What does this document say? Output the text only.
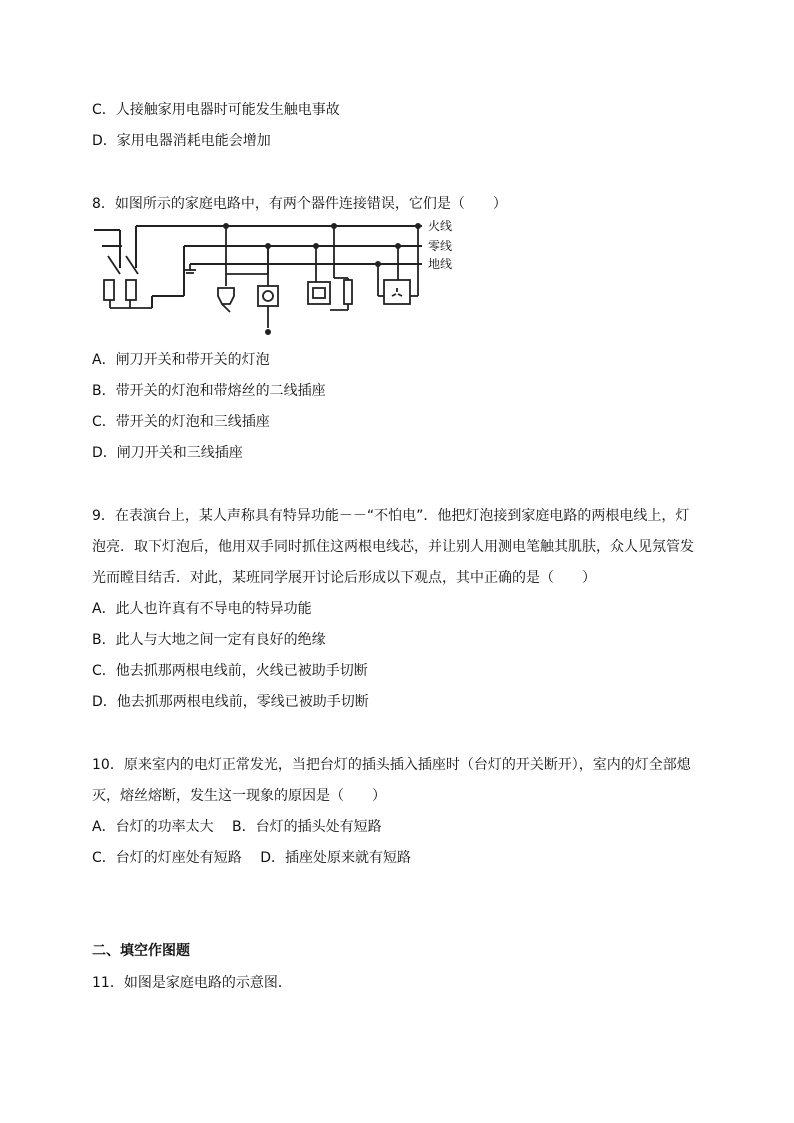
C．人接触家用电器时可能发生触电事故
D．家用电器消耗电能会增加
8．如图所示的家庭电路中，有两个器件连接错误，它们是（　　）
火线
零线
地线
A．闸刀开关和带开关的灯泡
B．带开关的灯泡和带熔丝的二线插座
C．带开关的灯泡和三线插座
D．闸刀开关和三线插座
9．在表演台上，某人声称具有特异功能－－“不怕电”．他把灯泡接到家庭电路的两根电线上，灯
泡亮．取下灯泡后，他用双手同时抓住这两根电线芯，并让别人用测电笔触其肌肤，众人见氖管发
光而瞠目结舌．对此，某班同学展开讨论后形成以下观点，其中正确的是（　　）
A．此人也许真有不导电的特异功能
B．此人与大地之间一定有良好的绝缘
C．他去抓那两根电线前，火线已被助手切断
D．他去抓那两根电线前，零线已被助手切断
10．原来室内的电灯正常发光，当把台灯的插头插入插座时（台灯的开关断开），室内的灯全部熄
灭，熔丝熔断，发生这一现象的原因是（　　）
A．台灯的功率太大　 B．台灯的插头处有短路
C．台灯的灯座处有短路　 D．插座处原来就有短路
二、填空作图题
11．如图是家庭电路的示意图．
